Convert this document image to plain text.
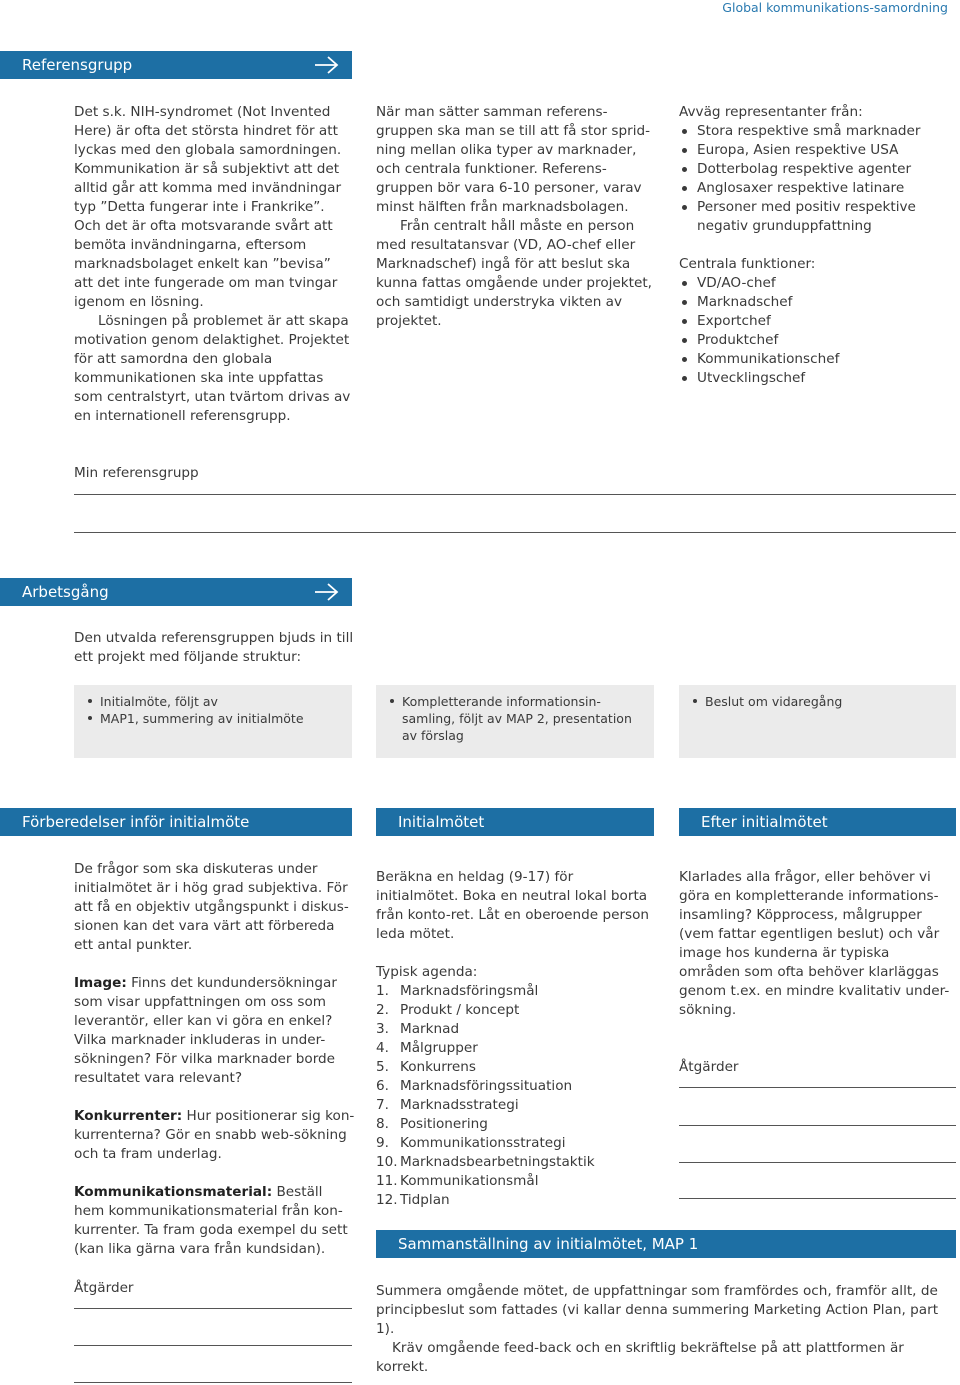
Global kommunikations-samordning
Referensgrupp

Det s.k. NIH-syndromet (Not Invented Here) är ofta det största hindret för att lyckas med den globala samordningen. Kommunikation är så subjektivt att det alltid går att komma med invändningar typ ”Detta fungerar inte i Frankrike”. Och det är ofta motsvarande svårt att bemöta invändningarna, eftersom marknadsbolaget enkelt kan ”bevisa” att det inte fungerade om man tvingar igenom en lösning.

Lösningen på problemet är att skapa motivation genom delaktighet. Projektet för att samordna den globala kommunikationen ska inte uppfattas som centralstyrt, utan tvärtom drivas av en internationell referensgrupp.

När man sätter samman referens-gruppen ska man se till att få stor sprid-ning mellan olika typer av marknader, och centrala funktioner. Referens-gruppen bör vara 6-10 personer, varav minst hälften från marknadsbolagen.

Från centralt håll måste en person med resultatansvar (VD, AO-chef eller Marknadschef) ingå för att beslut ska kunna fattas omgående under projektet, och samtidigt understryka vikten av projektet.

Avväg representanter från:

Stora respektive små marknader
Europa, Asien respektive USA
Dotterbolag respektive agenter
Anglosaxer respektive latinare
Personer med positiv respektive negativ grunduppfattning

Centrala funktioner:

VD/AO-chef
Marknadschef
Exportchef
Produktchef
Kommunikationschef
Utvecklingschef
Min referensgrupp
Arbetsgång
Den utvalda referensgruppen bjuds in till ett projekt med följande struktur:
Initialmöte, följt av
MAP1, summering av initialmöte
Kompletterande informationsin-samling, följt av MAP 2, presentation av förslag
Beslut om vidaregång
Förberedelser inför initialmöte	Initialmötet	Efter initialmötet

De frågor som ska diskuteras under initialmötet är i hög grad subjektiva. För att få en objektiv utgångspunkt i diskus-sionen kan det vara värt att förbereda ett antal punkter.

Image: Finns det kundundersökningar som visar uppfattningen om oss som leverantör, eller kan vi göra en enkel? Vilka marknader inkluderas in under-sökningen? För vilka marknader borde resultatet vara relevant?

Konkurrenter: Hur positionerar sig kon-kurrenterna? Gör en snabb web-sökning och ta fram underlag.

Kommunikationsmaterial: Beställ hem kommunikationsmaterial från kon-kurrenter. Ta fram goda exempel du sett (kan lika gärna vara från kundsidan).

Åtgärder

Beräkna en heldag (9-17) för initialmötet. Boka en neutral lokal borta från konto-ret. Låt en oberoende person leda mötet.

Typisk agenda:

1. Marknadsföringsmål
2. Produkt / koncept
3. Marknad
4. Målgrupper
5. Konkurrens
6. Marknadsföringssituation
7. Marknadsstrategi
8. Positionering
9. Kommunikationsstrategi
10. Marknadsbearbetningstaktik
11. Kommunikationsmål
12. Tidplan

Klarlades alla frågor, eller behöver vi göra en kompletterande informations-insamling? Köpprocess, målgrupper (vem fattar egentligen beslut) och vår image hos kunderna är typiska områden som ofta behöver klarläggas genom t.ex. en mindre kvalitativ under-sökning.

Åtgärder

Sammanställning av initialmötet, MAP 1

Summera omgående mötet, de uppfattningar som framfördes och, framför allt, de principbeslut som fattades (vi kallar denna summering Marketing Action Plan, part 1).

Kräv omgående feed-back och en skriftlig bekräftelse på att plattformen är korrekt.
